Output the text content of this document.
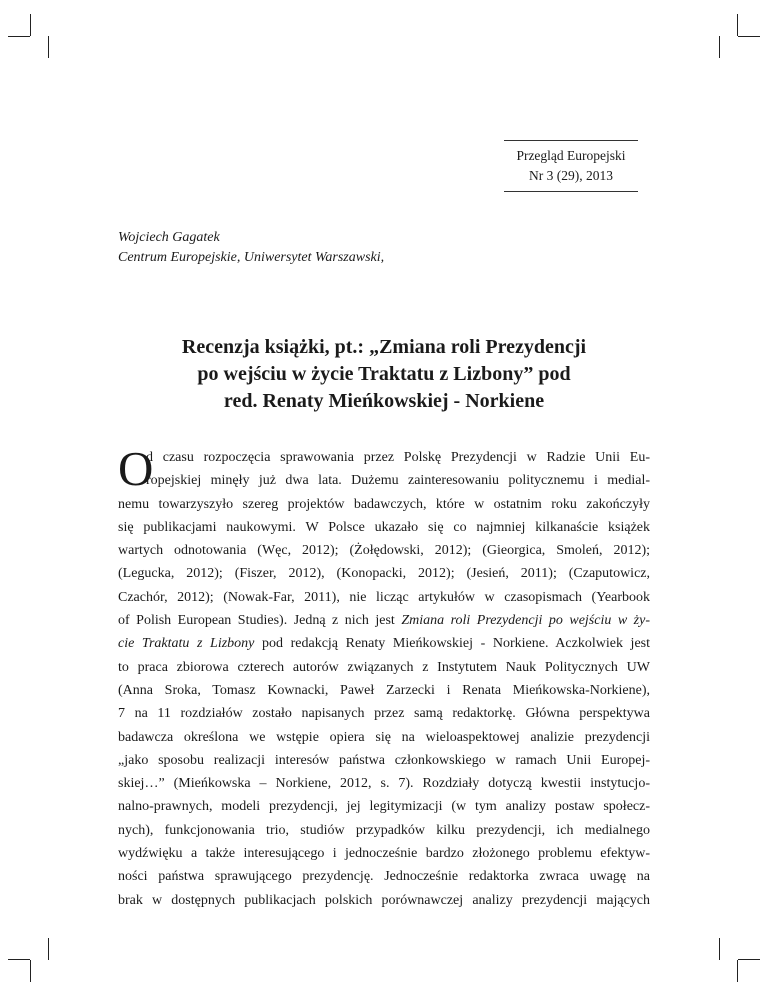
Przegląd Europejski
Nr 3 (29), 2013
Wojciech Gagatek
Centrum Europejskie, Uniwersytet Warszawski,
Recenzja książki, pt.: „Zmiana roli Prezydencji
po wejściu w życie Traktatu z Lizbony” pod
red. Renaty Mieńkowskiej - Norkiene
O
d czasu rozpoczęcia sprawowania przez Polskę Prezydencji w Radzie Unii Eu-
ropejskiej minęły już dwa lata. Dużemu zainteresowaniu politycznemu i medial-
nemu towarzyszyło szereg projektów badawczych, które w ostatnim roku zakończyły
się publikacjami naukowymi. W Polsce ukazało się co najmniej kilkanaście książek
wartych odnotowania (Węc, 2012); (Żołędowski, 2012); (Gieorgica, Smoleń, 2012);
(Legucka, 2012); (Fiszer, 2012), (Konopacki, 2012); (Jesień, 2011); (Czaputowicz,
Czachór, 2012); (Nowak-Far, 2011), nie licząc artykułów w czasopismach (Yearbook
of Polish European Studies). Jedną z nich jest Zmiana roli Prezydencji po wejściu w ży-
cie Traktatu z Lizbony pod redakcją Renaty Mieńkowskiej - Norkiene. Aczkolwiek jest
to praca zbiorowa czterech autorów związanych z Instytutem Nauk Politycznych UW
(Anna Sroka, Tomasz Kownacki, Paweł Zarzecki i Renata Mieńkowska-Norkiene),
7 na 11 rozdziałów zostało napisanych przez samą redaktorkę. Główna perspektywa
badawcza określona we wstępie opiera się na wieloaspektowej analizie prezydencji
„jako sposobu realizacji interesów państwa członkowskiego w ramach Unii Europej-
skiej…” (Mieńkowska – Norkiene, 2012, s. 7). Rozdziały dotyczą kwestii instytucjo-
nalno-prawnych, modeli prezydencji, jej legitymizacji (w tym analizy postaw społecz-
nych), funkcjonowania trio, studiów przypadków kilku prezydencji, ich medialnego
wydźwięku a także interesującego i jednocześnie bardzo złożonego problemu efektyw-
ności państwa sprawującego prezydencję. Jednocześnie redaktorka zwraca uwagę na
brak w dostępnych publikacjach polskich porównawczej analizy prezydencji mających
